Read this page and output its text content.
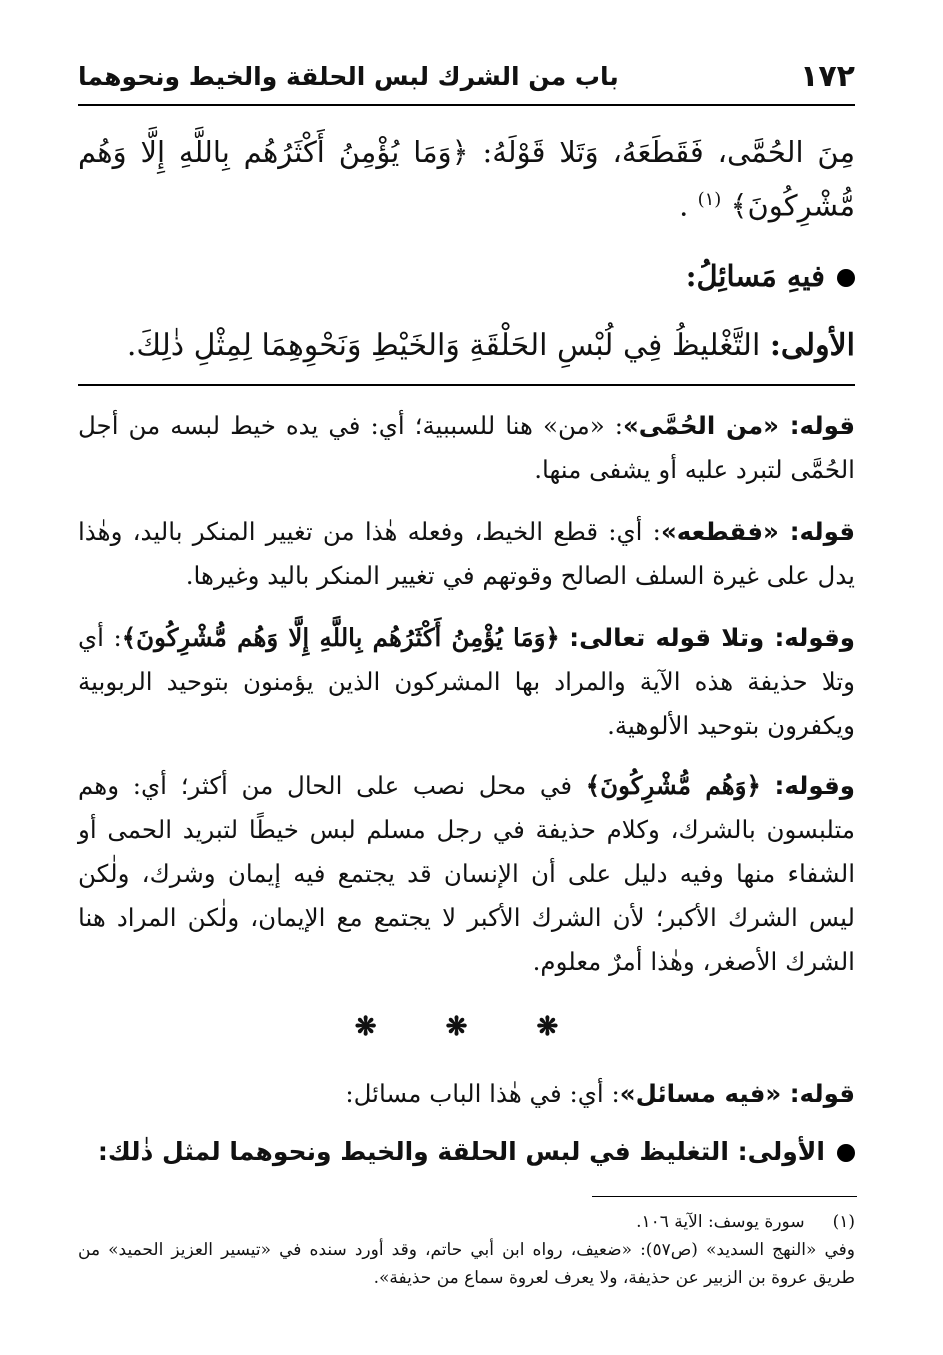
١٧٢
باب من الشرك لبس الحلقة والخيط ونحوهما
مِنَ الحُمَّى، فَقَطَعَهُ، وَتَلا قَوْلَهُ: ﴿وَمَا يُؤْمِنُ أَكْثَرُهُم بِاللَّهِ إِلَّا وَهُم مُّشْرِكُونَ﴾ $^{(١)}$ .
فيهِ مَسائِلُ:
الأولى: التَّغْليظُ فِي لُبْسِ الحَلْقَةِ وَالخَيْطِ وَنَحْوِهِمَا لِمِثْلِ ذٰلِكَ.
قوله: «من الحُمَّى»: «من» هنا للسببية؛ أي: في يده خيط لبسه من أجل الحُمَّى لتبرد عليه أو يشفى منها.
قوله: «فقطعه»: أي: قطع الخيط، وفعله هٰذا من تغيير المنكر باليد، وهٰذا يدل على غيرة السلف الصالح وقوتهم في تغيير المنكر باليد وغيرها.
وقوله: وتلا قوله تعالى: ﴿وَمَا يُؤْمِنُ أَكْثَرُهُم بِاللَّهِ إِلَّا وَهُم مُّشْرِكُونَ﴾: أي وتلا حذيفة هذه الآية والمراد بها المشركون الذين يؤمنون بتوحيد الربوبية ويكفرون بتوحيد الألوهية.
وقوله: ﴿وَهُم مُّشْرِكُونَ﴾ في محل نصب على الحال من أكثر؛ أي: وهم متلبسون بالشرك، وكلام حذيفة في رجل مسلم لبس خيطًا لتبريد الحمى أو الشفاء منها وفيه دليل على أن الإنسان قد يجتمع فيه إيمان وشرك، ولٰكن ليس الشرك الأكبر؛ لأن الشرك الأكبر لا يجتمع مع الإيمان، ولٰكن المراد هنا الشرك الأصغر، وهٰذا أمرٌ معلوم.
❋ ❋ ❋
قوله: «فيه مسائل»: أي: في هٰذا الباب مسائل:
الأولى: التغليظ في لبس الحلقة والخيط ونحوهما لمثل ذٰلك:
(١)سورة يوسف: الآية ١٠٦.
وفي «النهج السديد» (ص٥٧): «ضعيف، رواه ابن أبي حاتم، وقد أورد سنده في «تيسير العزيز الحميد» من طريق عروة بن الزبير عن حذيفة، ولا يعرف لعروة سماع من حذيفة».
